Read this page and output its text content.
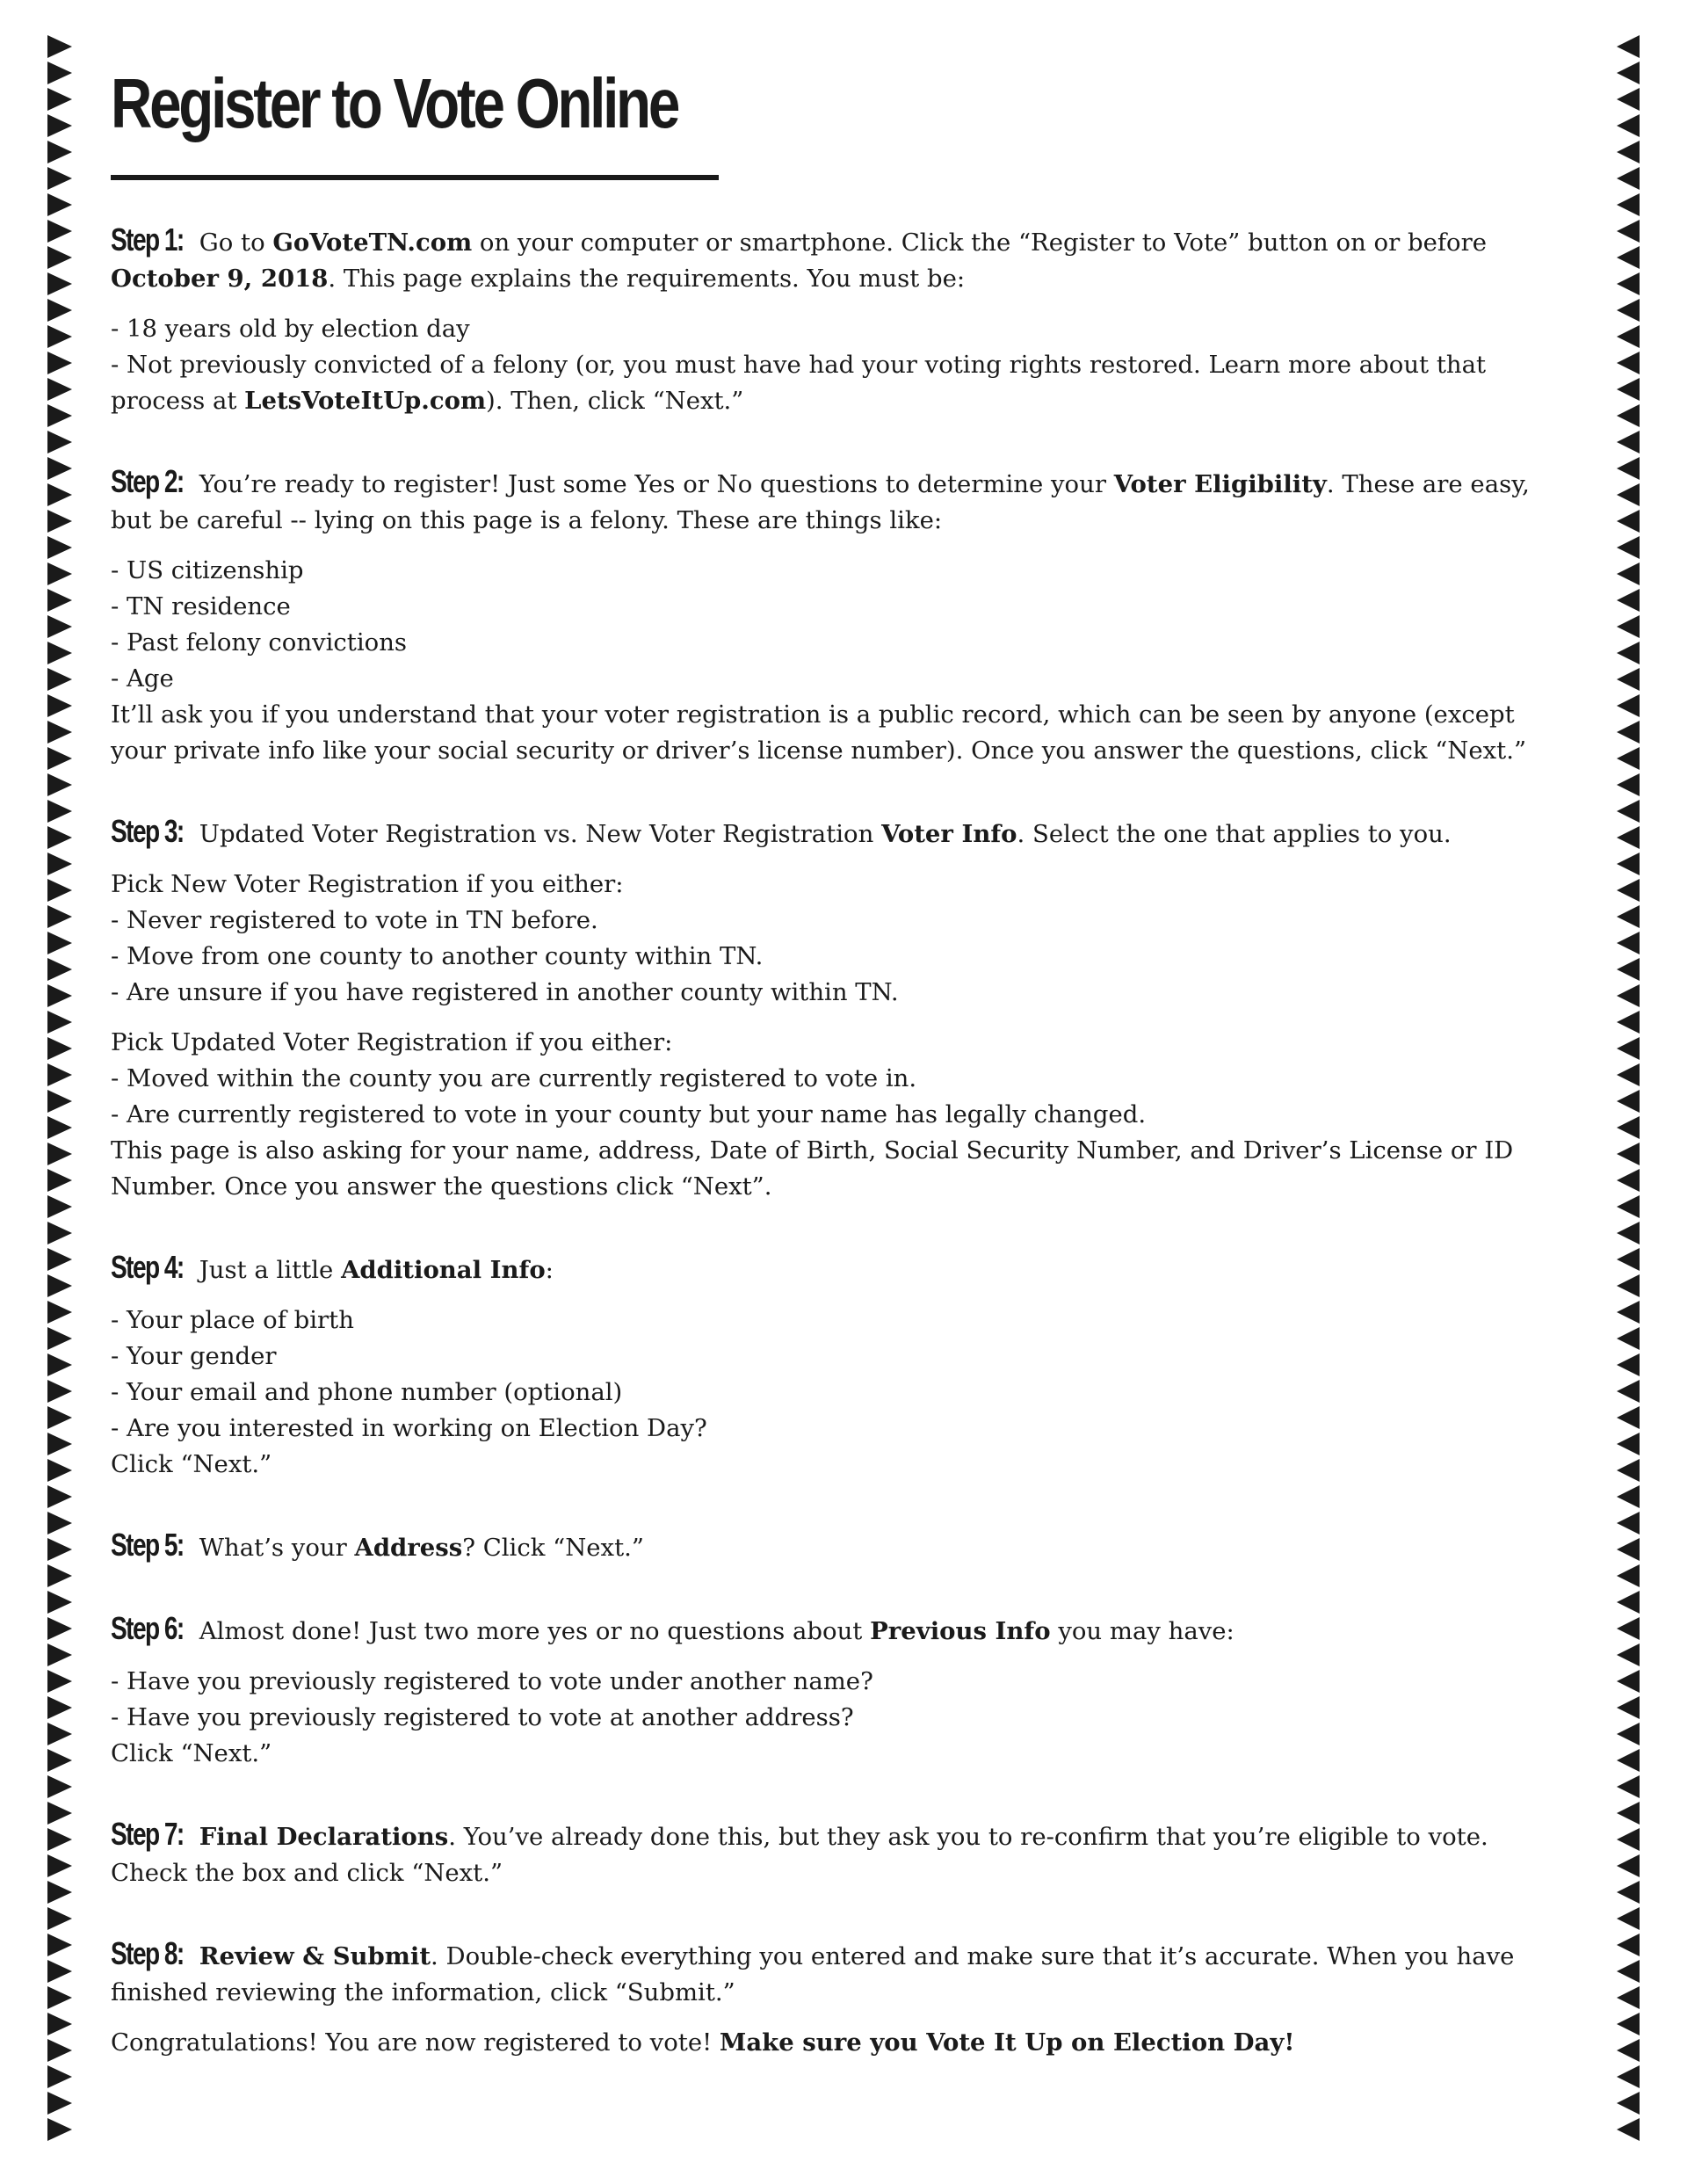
Register to Vote Online

Step 1: Go to GoVoteTN.com on your computer or smartphone. Click the “Register to Vote” button on or before October 9, 2018. This page explains the requirements. You must be:

- 18 years old by election day

- Not previously convicted of a felony (or, you must have had your voting rights restored. Learn more about that process at LetsVoteItUp.com). Then, click “Next.”

Step 2: You’re ready to register! Just some Yes or No questions to determine your Voter Eligibility. These are easy, but be careful -- lying on this page is a felony. These are things like:

- US citizenship
- TN residence
- Past felony convictions
- Age

It’ll ask you if you understand that your voter registration is a public record, which can be seen by anyone (except your private info like your social security or driver’s license number). Once you answer the questions, click “Next.”

Step 3: Updated Voter Registration vs. New Voter Registration Voter Info. Select the one that applies to you.

Pick New Voter Registration if you either:

- Never registered to vote in TN before.
- Move from one county to another county within TN.
- Are unsure if you have registered in another county within TN.

Pick Updated Voter Registration if you either:

- Moved within the county you are currently registered to vote in.
- Are currently registered to vote in your county but your name has legally changed.

This page is also asking for your name, address, Date of Birth, Social Security Number, and Driver’s License or ID Number. Once you answer the questions click “Next”.

Step 4: Just a little Additional Info:

- Your place of birth
- Your gender
- Your email and phone number (optional)
- Are you interested in working on Election Day?

Click “Next.”

Step 5: What’s your Address? Click “Next.”

Step 6: Almost done! Just two more yes or no questions about Previous Info you may have:

- Have you previously registered to vote under another name?
- Have you previously registered to vote at another address?

Click “Next.”

Step 7: Final Declarations. You’ve already done this, but they ask you to re-confirm that you’re eligible to vote.

Check the box and click “Next.”

Step 8: Review & Submit. Double-check everything you entered and make sure that it’s accurate. When you have finished reviewing the information, click “Submit.”

Congratulations! You are now registered to vote! Make sure you Vote It Up on Election Day!
